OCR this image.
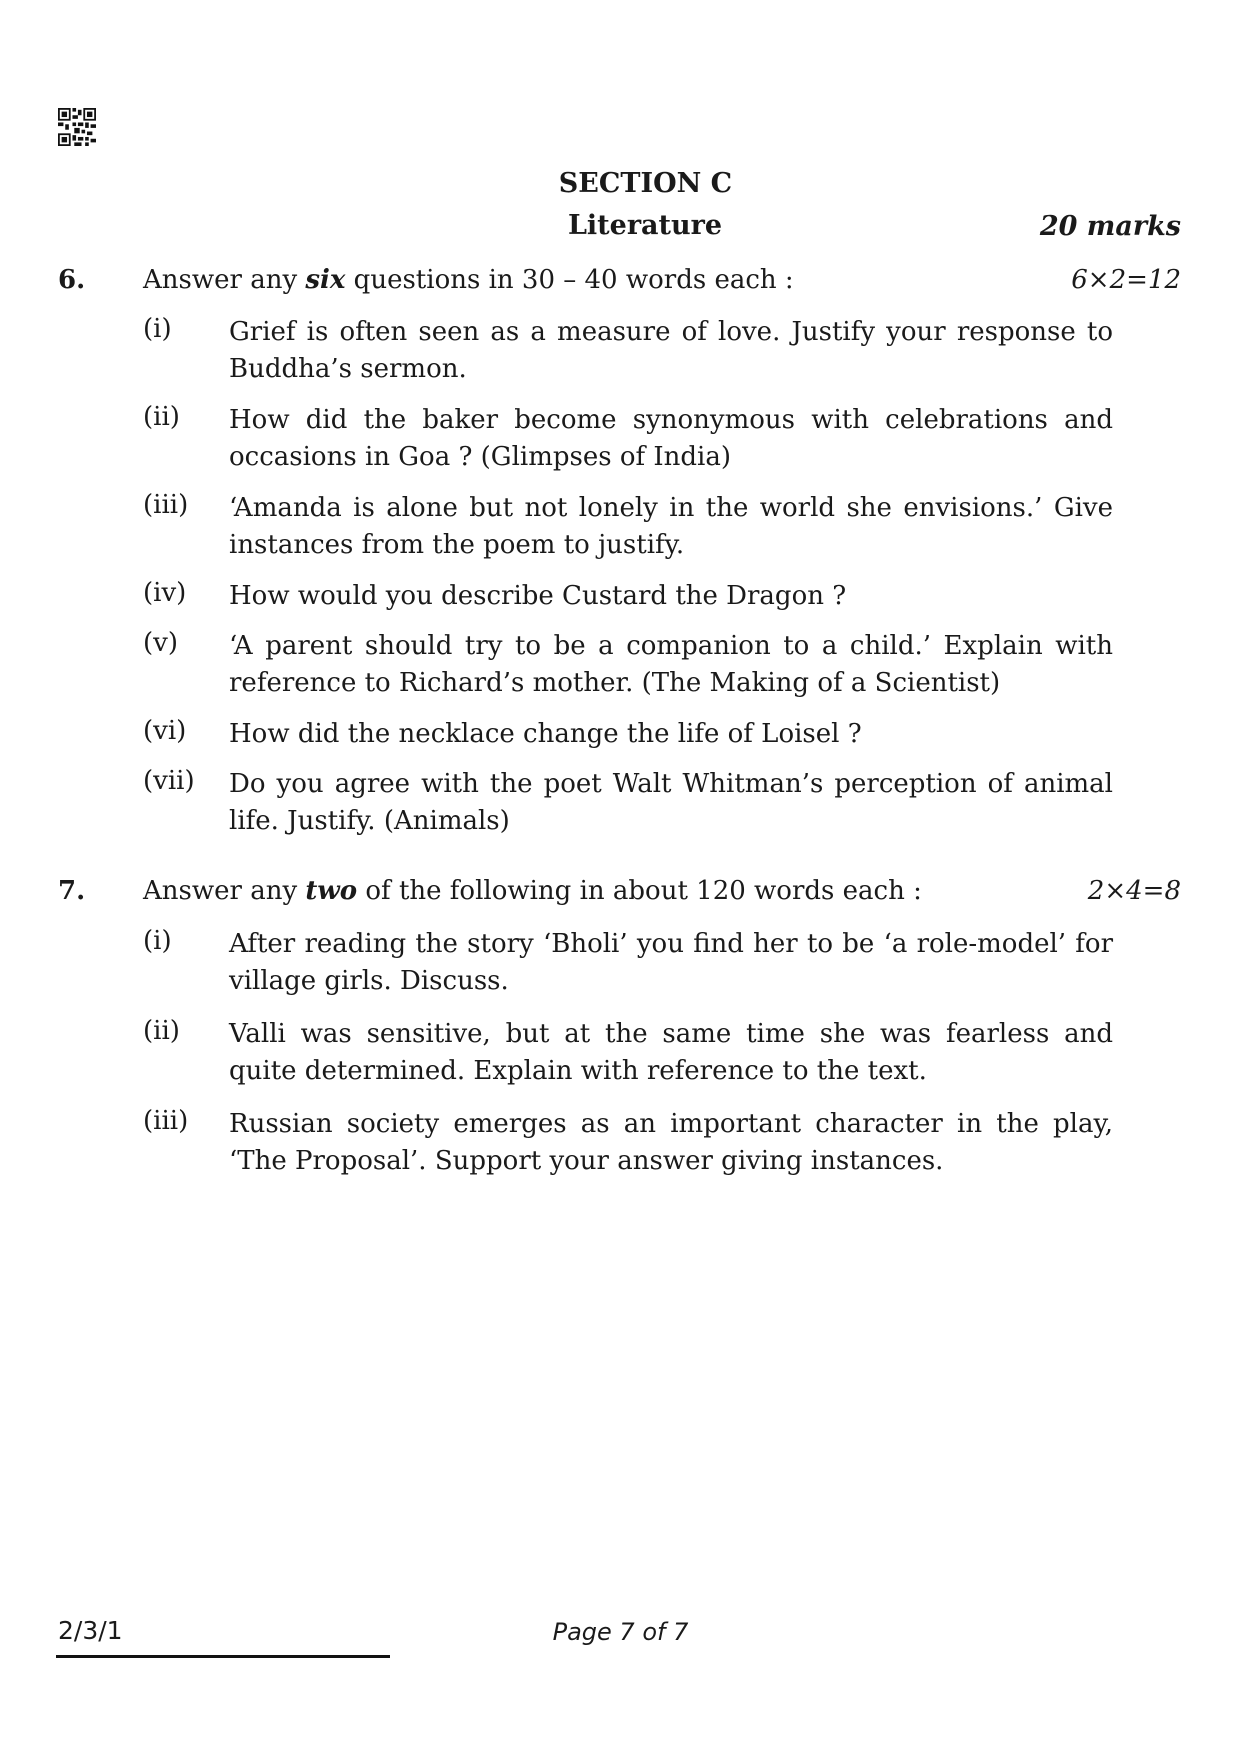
SECTION C
Literature	20 marks
6. Answer any six questions in 30 – 40 words each :	6×2=12
(i) Grief is often seen as a measure of love. Justify your response to Buddha’s sermon.
(ii) How did the baker become synonymous with celebrations and occasions in Goa ? (Glimpses of India)
(iii) ‘Amanda is alone but not lonely in the world she envisions.’ Give instances from the poem to justify.
(iv) How would you describe Custard the Dragon ?
(v) ‘A parent should try to be a companion to a child.’ Explain with reference to Richard’s mother. (The Making of a Scientist)
(vi) How did the necklace change the life of Loisel ?
(vii) Do you agree with the poet Walt Whitman’s perception of animal life. Justify. (Animals)
7. Answer any two of the following in about 120 words each :	2×4=8
(i) After reading the story ‘Bholi’ you find her to be ‘a role-model’ for village girls. Discuss.
(ii) Valli was sensitive, but at the same time she was fearless and quite determined. Explain with reference to the text.
(iii) Russian society emerges as an important character in the play, ‘The Proposal’. Support your answer giving instances.
2/3/1	Page 7 of 7
